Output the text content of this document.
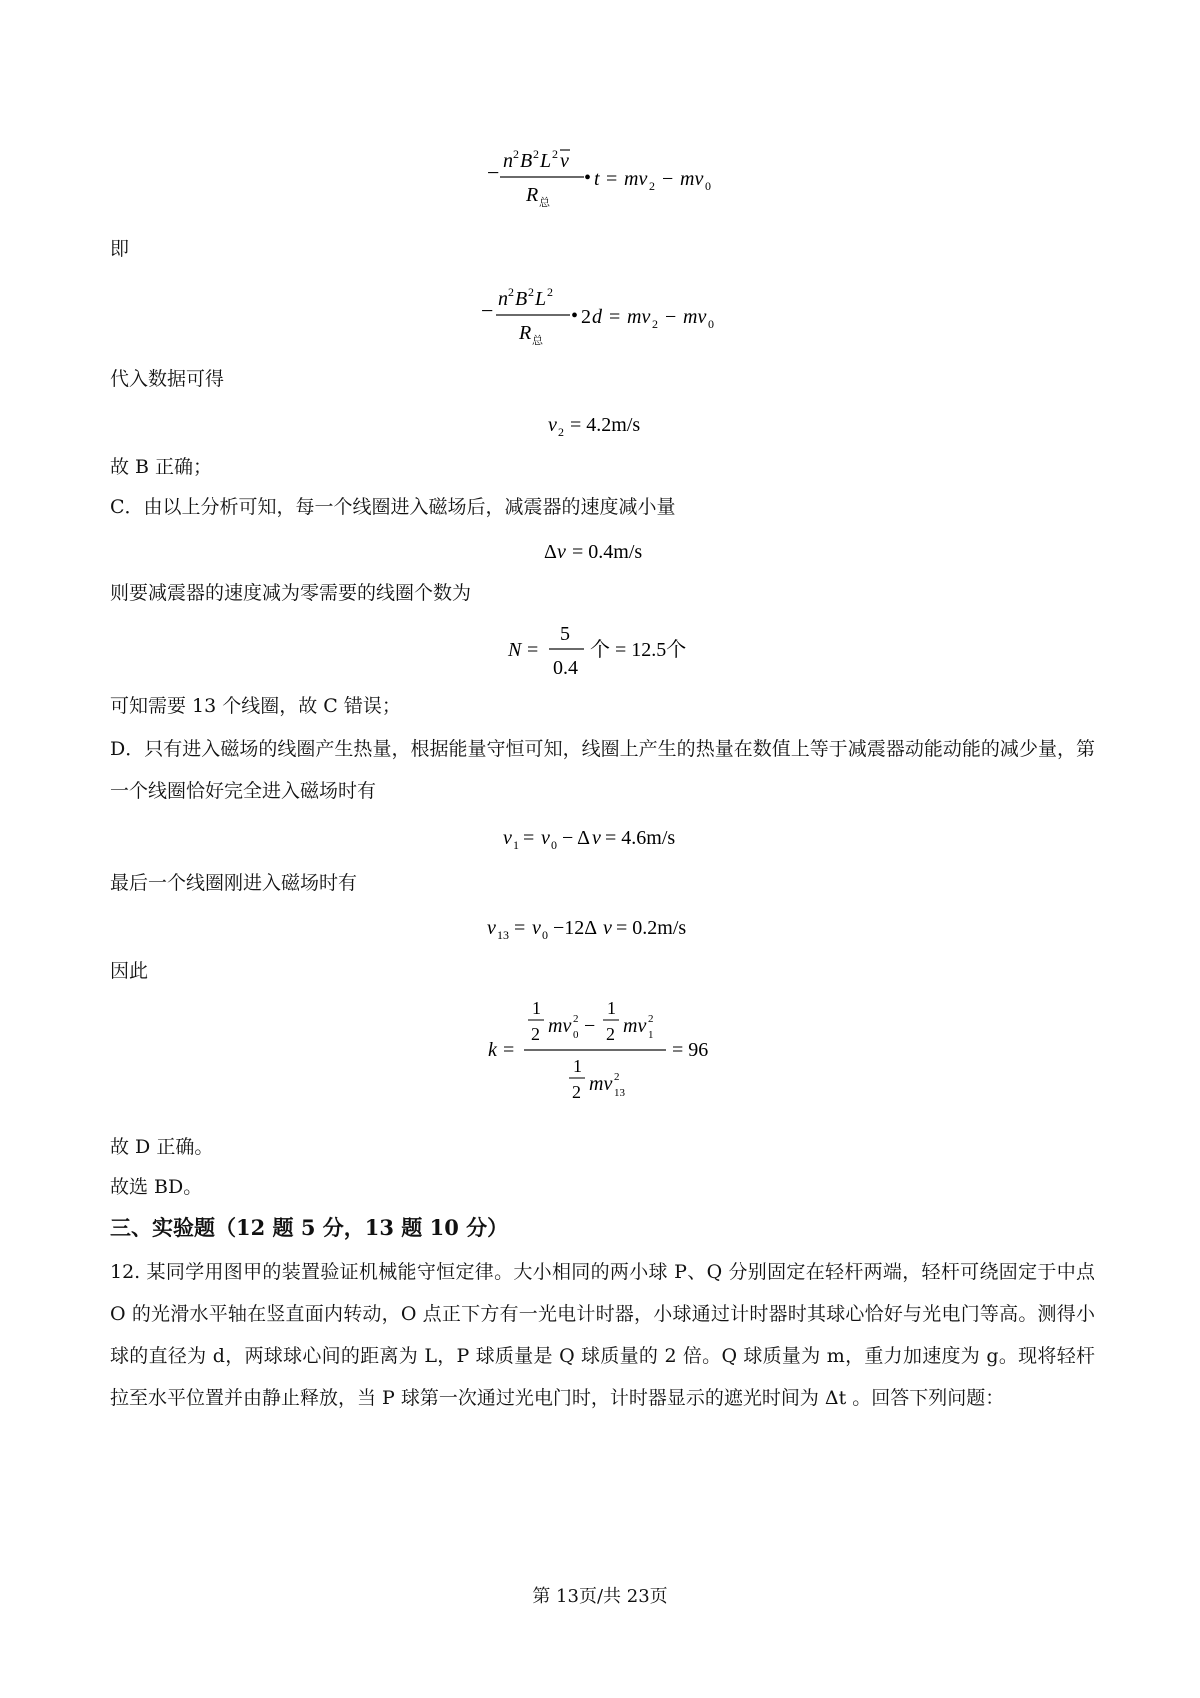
− n 2 B 2 L 2 v
R 总
• t = mv 2 − mv 0
即
− n 2 B 2 L 2
R 总
• 2 d = mv 2 − mv 0
代入数据可得
v 2 = 4.2m/s
故 B 正确；
C．由以上分析可知，每一个线圈进入磁场后，减震器的速度减小量
Δ v = 0.4m/s
则要减震器的速度减为零需要的线圈个数为
N =
5
0.4
个 = 12.5个
可知需要 13 个线圈，故 C 错误；
D．只有进入磁场的线圈产生热量，根据能量守恒可知，线圈上产生的热量在数值上等于减震器动能动能的减少量，第一个线圈恰好完全进入磁场时有
v 1 = v 0 − Δ v = 4.6m/s
最后一个线圈刚进入磁场时有
v 13 = v 0 −12Δ v = 0.2m/s
因此
k =
1
2 mv 0
2 −
1
2 mv 1
2
1
2 mv 13
2
= 96
故 D 正确。
故选 BD。
三、实验题（12 题 5 分，13 题 10 分）
12. 某同学用图甲的装置验证机械能守恒定律。大小相同的两小球 P、Q 分别固定在轻杆两端，轻杆可绕固定于中点 O 的光滑水平轴在竖直面内转动，O 点正下方有一光电计时器，小球通过计时器时其球心恰好与光电门等高。测得小球的直径为 d，两球球心间的距离为 L，P 球质量是 Q 球质量的 2 倍。Q 球质量为 m，重力加速度为 g。现将轻杆拉至水平位置并由静止释放，当 P 球第一次通过光电门时，计时器显示的遮光时间为 Δt 。回答下列问题：
第 13页/共 23页
